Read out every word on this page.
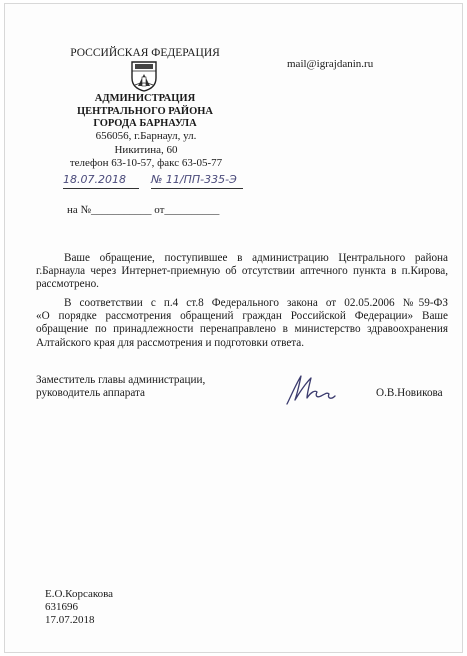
РОССИЙСКАЯ ФЕДЕРАЦИЯ
АДМИНИСТРАЦИЯ
ЦЕНТРАЛЬНОГО РАЙОНА
ГОРОДА БАРНАУЛА
656056, г.Барнаул, ул.
Никитина, 60
телефон 63-10-57, факс 63-05-77
mail@igrajdanin.ru
18.07.2018 № 11/ПП-335-Э
на №___________ от__________

Ваше обращение, поступившее в администрацию Центрального района

г.Барнаула через Интернет-приемную об отсутствии аптечного пункта в п.Кирова,

рассмотрено.

В соответствии с п.4 ст.8 Федерального закона от 02.05.2006 №59-ФЗ

«О порядке рассмотрения обращений граждан Российской Федерации» Ваше

обращение по принадлежности перенаправлено в министерство здравоохранения

Алтайского края для рассмотрения и подготовки ответа.

Заместитель главы администрации,
руководитель аппарата	О.В.Новикова
Е.О.Корсакова
631696
17.07.2018
